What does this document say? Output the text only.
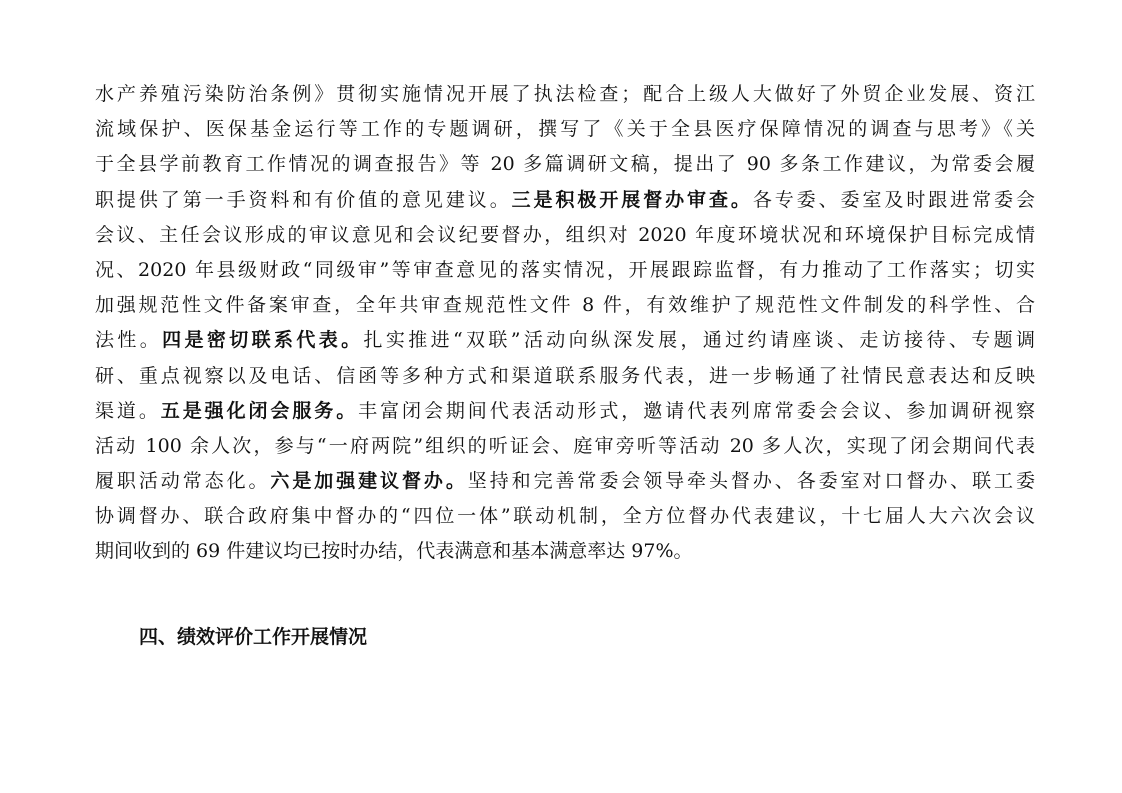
水产养殖污染防治条例》贯彻实施情况开展了执法检查；配合上级人大做好了外贸企业发展、资江
流域保护、医保基金运行等工作的专题调研，撰写了《关于全县医疗保障情况的调查与思考》《关
于全县学前教育工作情况的调查报告》等 20 多篇调研文稿，提出了 90 多条工作建议，为常委会履
职提供了第一手资料和有价值的意见建议。三是积极开展督办审查。各专委、委室及时跟进常委会
会议、主任会议形成的审议意见和会议纪要督办，组织对 2020 年度环境状况和环境保护目标完成情
况、2020 年县级财政“同级审”等审查意见的落实情况，开展跟踪监督，有力推动了工作落实；切实
加强规范性文件备案审查，全年共审查规范性文件 8 件，有效维护了规范性文件制发的科学性、合
法性。四是密切联系代表。扎实推进“双联”活动向纵深发展，通过约请座谈、走访接待、专题调
研、重点视察以及电话、信函等多种方式和渠道联系服务代表，进一步畅通了社情民意表达和反映
渠道。五是强化闭会服务。丰富闭会期间代表活动形式，邀请代表列席常委会会议、参加调研视察
活动 100 余人次，参与“一府两院”组织的听证会、庭审旁听等活动 20 多人次，实现了闭会期间代表
履职活动常态化。六是加强建议督办。坚持和完善常委会领导牵头督办、各委室对口督办、联工委
协调督办、联合政府集中督办的“四位一体”联动机制，全方位督办代表建议，十七届人大六次会议
期间收到的 69 件建议均已按时办结，代表满意和基本满意率达 97%。
四、绩效评价工作开展情况
